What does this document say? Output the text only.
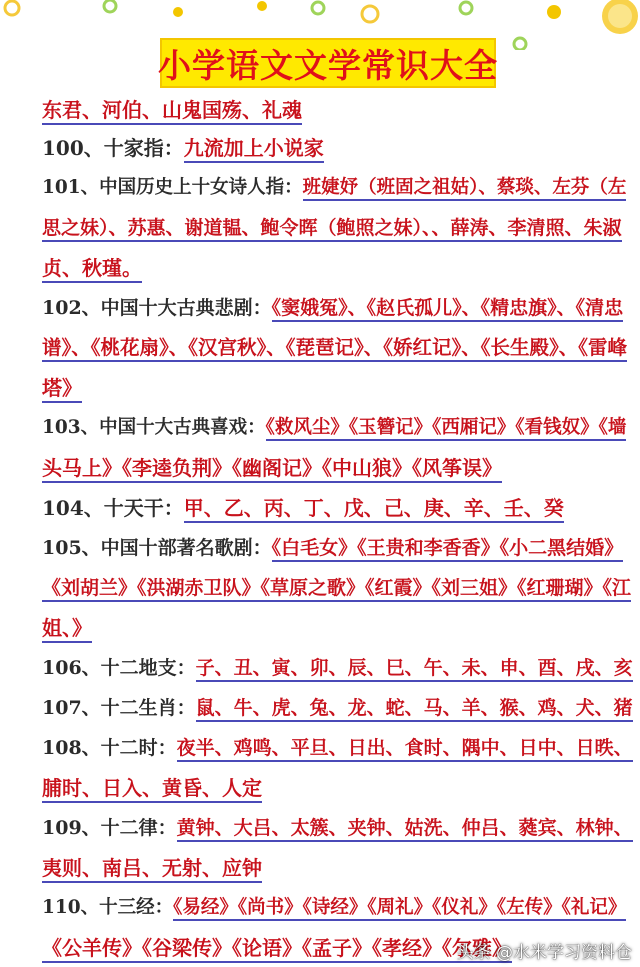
小学语文文学常识大全
东君、河伯、山鬼国殇、礼魂
100、十家指：九流加上小说家
101、中国历史上十女诗人指：班婕妤（班固之祖姑）、蔡琰、左芬（左
思之妹）、苏惠、谢道韫、鲍令晖（鲍照之妹）、、薛涛、李清照、朱淑
贞、秋瑾。
102、中国十大古典悲剧：《窦娥冤》、《赵氏孤儿》、《精忠旗》、《清忠
谱》、《桃花扇》、《汉宫秋》、《琵琶记》、《娇红记》、《长生殿》、《雷峰
塔》
103、中国十大古典喜戏：《救风尘》《玉簪记》《西厢记》《看钱奴》《墙
头马上》《李逵负荆》《幽阁记》《中山狼》《风筝误》
104、十天干：甲、乙、丙、丁、戊、己、庚、辛、壬、癸
105、中国十部著名歌剧：《白毛女》《王贵和李香香》《小二黑结婚》
《刘胡兰》《洪湖赤卫队》《草原之歌》《红霞》《刘三姐》《红珊瑚》《江
姐、》
106、十二地支：子、丑、寅、卯、辰、巳、午、未、申、酉、戌、亥
107、十二生肖：鼠、牛、虎、兔、龙、蛇、马、羊、猴、鸡、犬、猪
108、十二时：夜半、鸡鸣、平旦、日出、食时、隅中、日中、日昳、
脯时、日入、黄昏、人定
109、十二律：黄钟、大吕、太簇、夹钟、姑洗、仲吕、蕤宾、林钟、
夷则、南吕、无射、应钟
110、十三经：《易经》《尚书》《诗经》《周礼》《仪礼》《左传》《礼记》
《公羊传》《谷梁传》《论语》《孟子》《孝经》《尔雅》
头条 @水米学习资料仓
